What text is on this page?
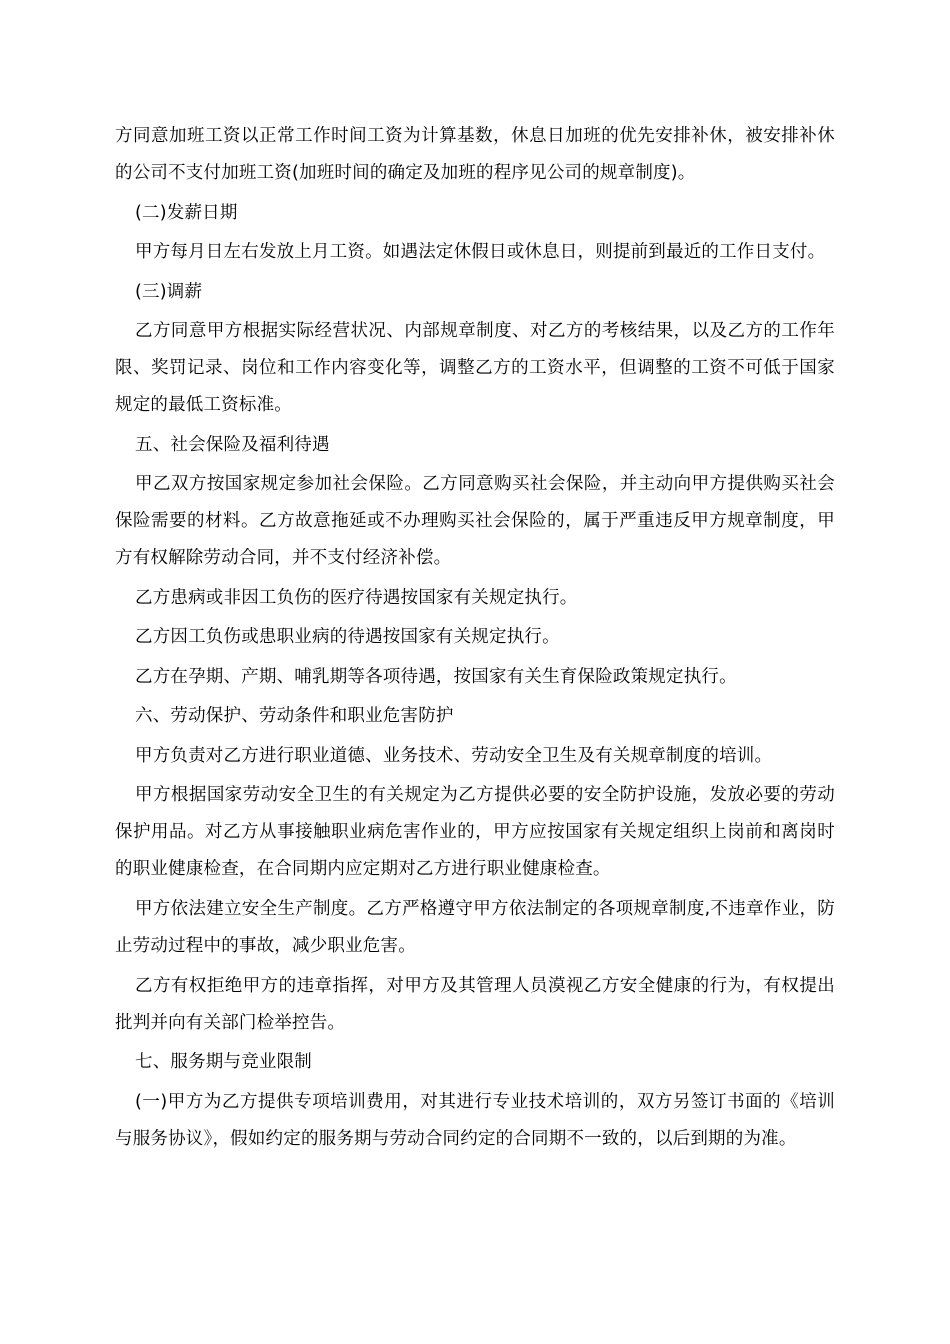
方同意加班工资以正常工作时间工资为计算基数，休息日加班的优先安排补休，被安排补休的公司不支付加班工资(加班时间的确定及加班的程序见公司的规章制度)。

(二)发薪日期

甲方每月日左右发放上月工资。如遇法定休假日或休息日，则提前到最近的工作日支付。

(三)调薪

乙方同意甲方根据实际经营状况、内部规章制度、对乙方的考核结果，以及乙方的工作年限、奖罚记录、岗位和工作内容变化等，调整乙方的工资水平，但调整的工资不可低于国家规定的最低工资标准。

五、社会保险及福利待遇

甲乙双方按国家规定参加社会保险。乙方同意购买社会保险，并主动向甲方提供购买社会保险需要的材料。乙方故意拖延或不办理购买社会保险的，属于严重违反甲方规章制度，甲方有权解除劳动合同，并不支付经济补偿。

乙方患病或非因工负伤的医疗待遇按国家有关规定执行。

乙方因工负伤或患职业病的待遇按国家有关规定执行。

乙方在孕期、产期、哺乳期等各项待遇，按国家有关生育保险政策规定执行。

六、劳动保护、劳动条件和职业危害防护

甲方负责对乙方进行职业道德、业务技术、劳动安全卫生及有关规章制度的培训。

甲方根据国家劳动安全卫生的有关规定为乙方提供必要的安全防护设施，发放必要的劳动保护用品。对乙方从事接触职业病危害作业的，甲方应按国家有关规定组织上岗前和离岗时的职业健康检查，在合同期内应定期对乙方进行职业健康检查。

甲方依法建立安全生产制度。乙方严格遵守甲方依法制定的各项规章制度,不违章作业，防止劳动过程中的事故，减少职业危害。

乙方有权拒绝甲方的违章指挥，对甲方及其管理人员漠视乙方安全健康的行为，有权提出批判并向有关部门检举控告。

七、服务期与竞业限制

(一)甲方为乙方提供专项培训费用，对其进行专业技术培训的，双方另签订书面的《培训与服务协议》，假如约定的服务期与劳动合同约定的合同期不一致的，以后到期的为准。
